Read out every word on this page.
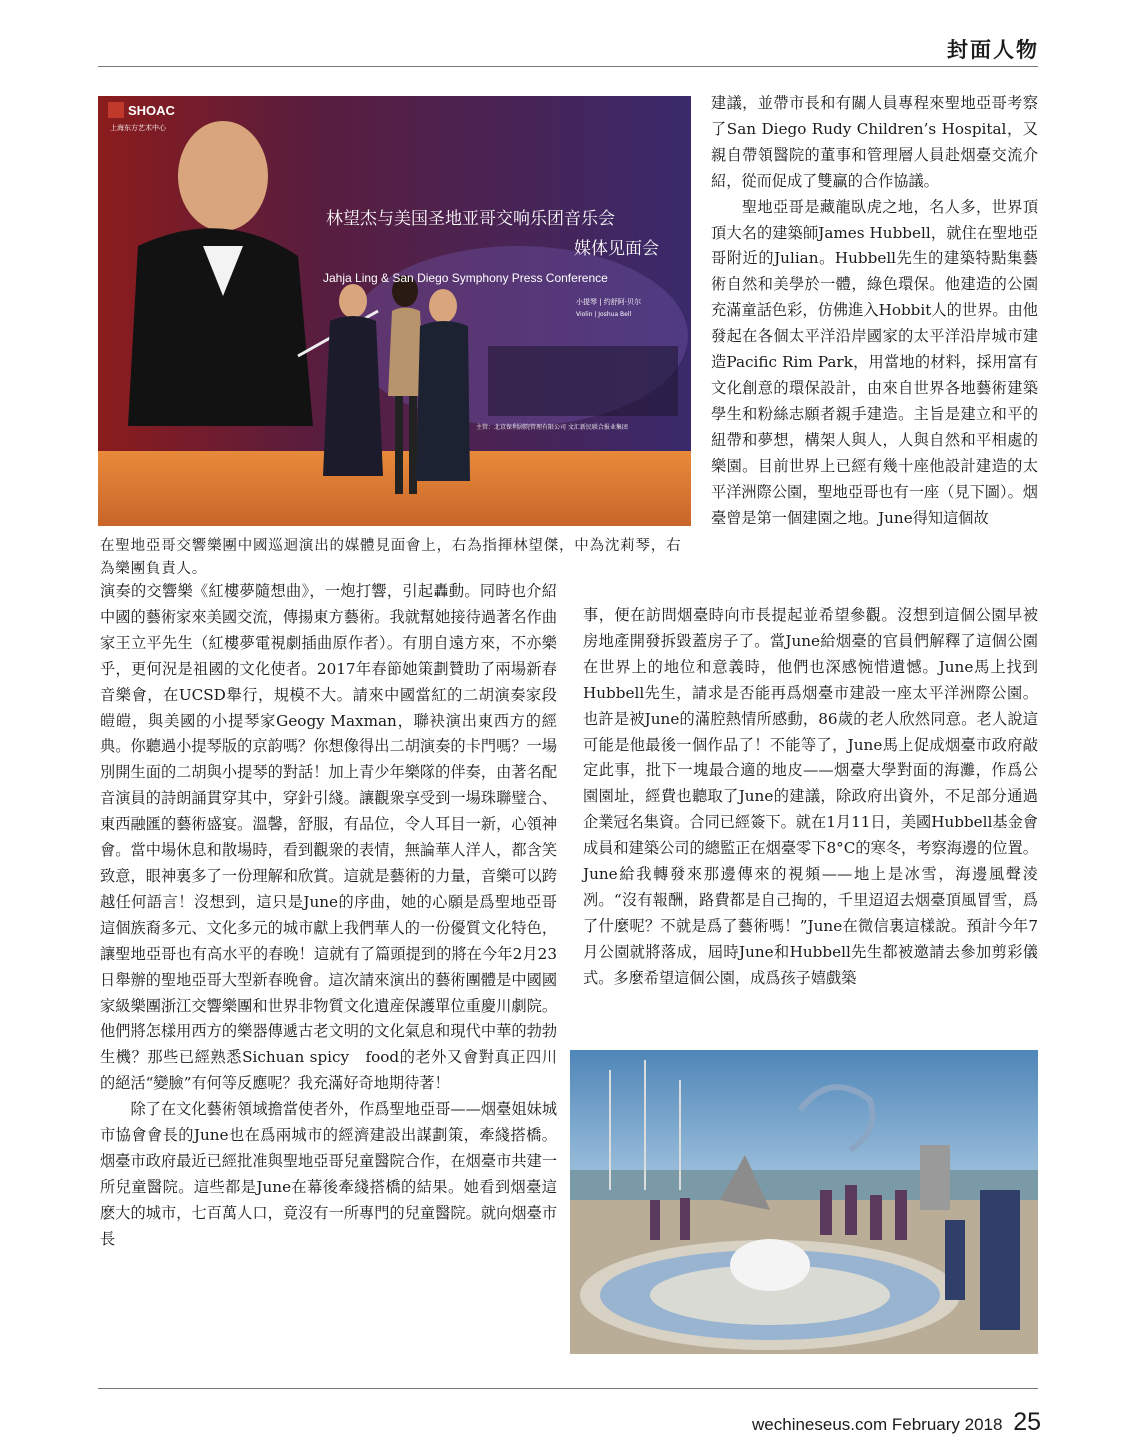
封面人物
SHOAC
上海东方艺术中心
林望杰与美国圣地亚哥交响乐团音乐会
媒体见面会
Jahja Ling & San Diego Symphony Press Conference
小提琴 | 约舒阿·贝尔
Violin | Joshua Bell
主管：北京保利剧院管理有限公司 文汇新民联合报业集团
在聖地亞哥交響樂團中國巡迴演出的媒體見面會上，右為指揮林望傑，中為沈莉琴，右為樂團負責人。

建議，並帶市長和有關人員專程來聖地亞哥考察了San Diego Rudy Children’s Hospital，又親自帶領醫院的董事和管理層人員赴烟臺交流介紹，從而促成了雙贏的合作協議。

聖地亞哥是藏龍臥虎之地，名人多，世界頂頂大名的建築師James Hubbell，就住在聖地亞哥附近的Julian。Hubbell先生的建築特點集藝術自然和美學於一體，綠色環保。他建造的公園充滿童話色彩，仿佛進入Hobbit人的世界。由他發起在各個太平洋沿岸國家的太平洋沿岸城市建造Pacific Rim Park，用當地的材料，採用富有文化創意的環保設計，由來自世界各地藝術建築學生和粉絲志願者親手建造。主旨是建立和平的紐帶和夢想，構架人與人，人與自然和平相處的樂園。目前世界上已經有幾十座他設計建造的太平洋洲際公園，聖地亞哥也有一座（見下圖）。烟臺曾是第一個建園之地。June得知這個故

事，便在訪問烟臺時向市長提起並希望參觀。沒想到這個公園早被房地產開發拆毀蓋房子了。當June給烟臺的官員們解釋了這個公園在世界上的地位和意義時，他們也深感惋惜遺憾。June馬上找到Hubbell先生，請求是否能再爲烟臺市建設一座太平洋洲際公園。也許是被June的滿腔熱情所感動，86歲的老人欣然同意。老人說這可能是他最後一個作品了！不能等了，June馬上促成烟臺市政府敲定此事，批下一塊最合適的地皮——烟臺大學對面的海灘，作爲公園園址，經費也聽取了June的建議，除政府出資外，不足部分通過企業冠名集資。合同已經簽下。就在1月11日，美國Hubbell基金會成員和建築公司的總監正在烟臺零下8°C的寒冬，考察海邊的位置。June給我轉發來那邊傳來的視頻——地上是冰雪，海邊風聲淩冽。“沒有報酬，路費都是自己掏的，千里迢迢去烟臺頂風冒雪，爲了什麼呢？不就是爲了藝術嗎！”June在微信裏這樣說。預計今年7月公園就將落成，屆時June和Hubbell先生都被邀請去參加剪彩儀式。多麼希望這個公園，成爲孩子嬉戲築

演奏的交響樂《紅樓夢隨想曲》，一炮打響，引起轟動。同時也介紹中國的藝術家來美國交流，傳揚東方藝術。我就幫她接待過著名作曲家王立平先生（紅樓夢電視劇插曲原作者）。有朋自遠方來，不亦樂乎，更何況是祖國的文化使者。2017年春節她策劃贊助了兩場新春音樂會，在UCSD舉行，規模不大。請來中國當紅的二胡演奏家段皚皚，與美國的小提琴家Geogy Maxman，聯袂演出東西方的經典。你聽過小提琴版的京韵嗎？你想像得出二胡演奏的卡門嗎？一場別開生面的二胡與小提琴的對話！加上青少年樂隊的伴奏，由著名配音演員的詩朗誦貫穿其中，穿針引綫。讓觀衆享受到一場珠聯璧合、東西融匯的藝術盛宴。溫馨，舒服，有品位，令人耳目一新，心領神會。當中場休息和散場時，看到觀衆的表情，無論華人洋人，都含笑致意，眼神裏多了一份理解和欣賞。這就是藝術的力量，音樂可以跨越任何語言！沒想到，這只是June的序曲，她的心願是爲聖地亞哥這個族裔多元、文化多元的城市獻上我們華人的一份優質文化特色，讓聖地亞哥也有高水平的春晚！這就有了篇頭提到的將在今年2月23日舉辦的聖地亞哥大型新春晚會。這次請來演出的藝術團體是中國國家級樂團浙江交響樂團和世界非物質文化遺産保護單位重慶川劇院。他們將怎樣用西方的樂器傳遞古老文明的文化氣息和現代中華的勃勃生機？那些已經熟悉Sichuan spicy　food的老外又會對真正四川的絕活“變臉”有何等反應呢？我充滿好奇地期待著！

除了在文化藝術領域擔當使者外，作爲聖地亞哥——烟臺姐妹城市協會會長的June也在爲兩城市的經濟建設出謀劃策，牽綫搭橋。烟臺市政府最近已經批准與聖地亞哥兒童醫院合作，在烟臺市共建一所兒童醫院。這些都是June在幕後牽綫搭橋的結果。她看到烟臺這麽大的城市，七百萬人口，竟沒有一所專門的兒童醫院。就向烟臺市長

wechineseus.com February 2018 25
